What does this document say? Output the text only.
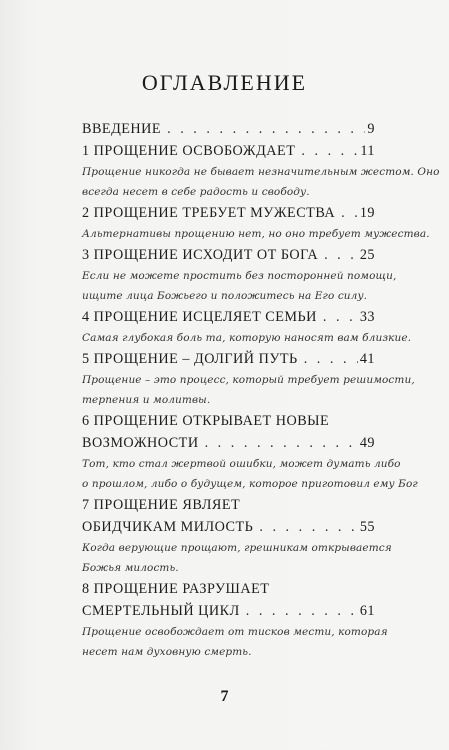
ОГЛАВЛЕНИЕ
ВВЕДЕНИЕ . . .	9
1 ПРОЩЕНИЕ ОСВОБОЖДАЕТ . . .	11
Прощение никогда не бывает незначительным жестом. Оно
всегда несет в себе радость и свободу.
2 ПРОЩЕНИЕ ТРЕБУЕТ МУЖЕСТВА . . . 19
Альтернативы прощению нет, но оно требует мужества.
3 ПРОЩЕНИЕ ИСХОДИТ ОТ БОГА . . .	25
Если не можете простить без посторонней помощи,
ищите лица Божьего и положитесь на Его силу.
4 ПРОЩЕНИЕ ИСЦЕЛЯЕТ СЕМЬИ . . .	33
Самая глубокая боль та, которую наносят вам близкие.
5 ПРОЩЕНИЕ – ДОЛГИЙ ПУТЬ . . .	41
Прощение – это процесс, который требует решимости,
терпения и молитвы.
6 ПРОЩЕНИЕ ОТКРЫВАЕТ НОВЫЕ
ВОЗМОЖНОСТИ . . .	49
Тот, кто стал жертвой ошибки, может думать либо
о прошлом, либо о будущем, которое приготовил ему Бог
7 ПРОЩЕНИЕ ЯВЛЯЕТ
ОБИДЧИКАМ МИЛОСТЬ . . .	55
Когда верующие прощают, грешникам открывается
Божья милость.
8 ПРОЩЕНИЕ РАЗРУШАЕТ
СМЕРТЕЛЬНЫЙ ЦИКЛ . . .	61
Прощение освобождает от тисков мести, которая
несет нам духовную смерть.
7
